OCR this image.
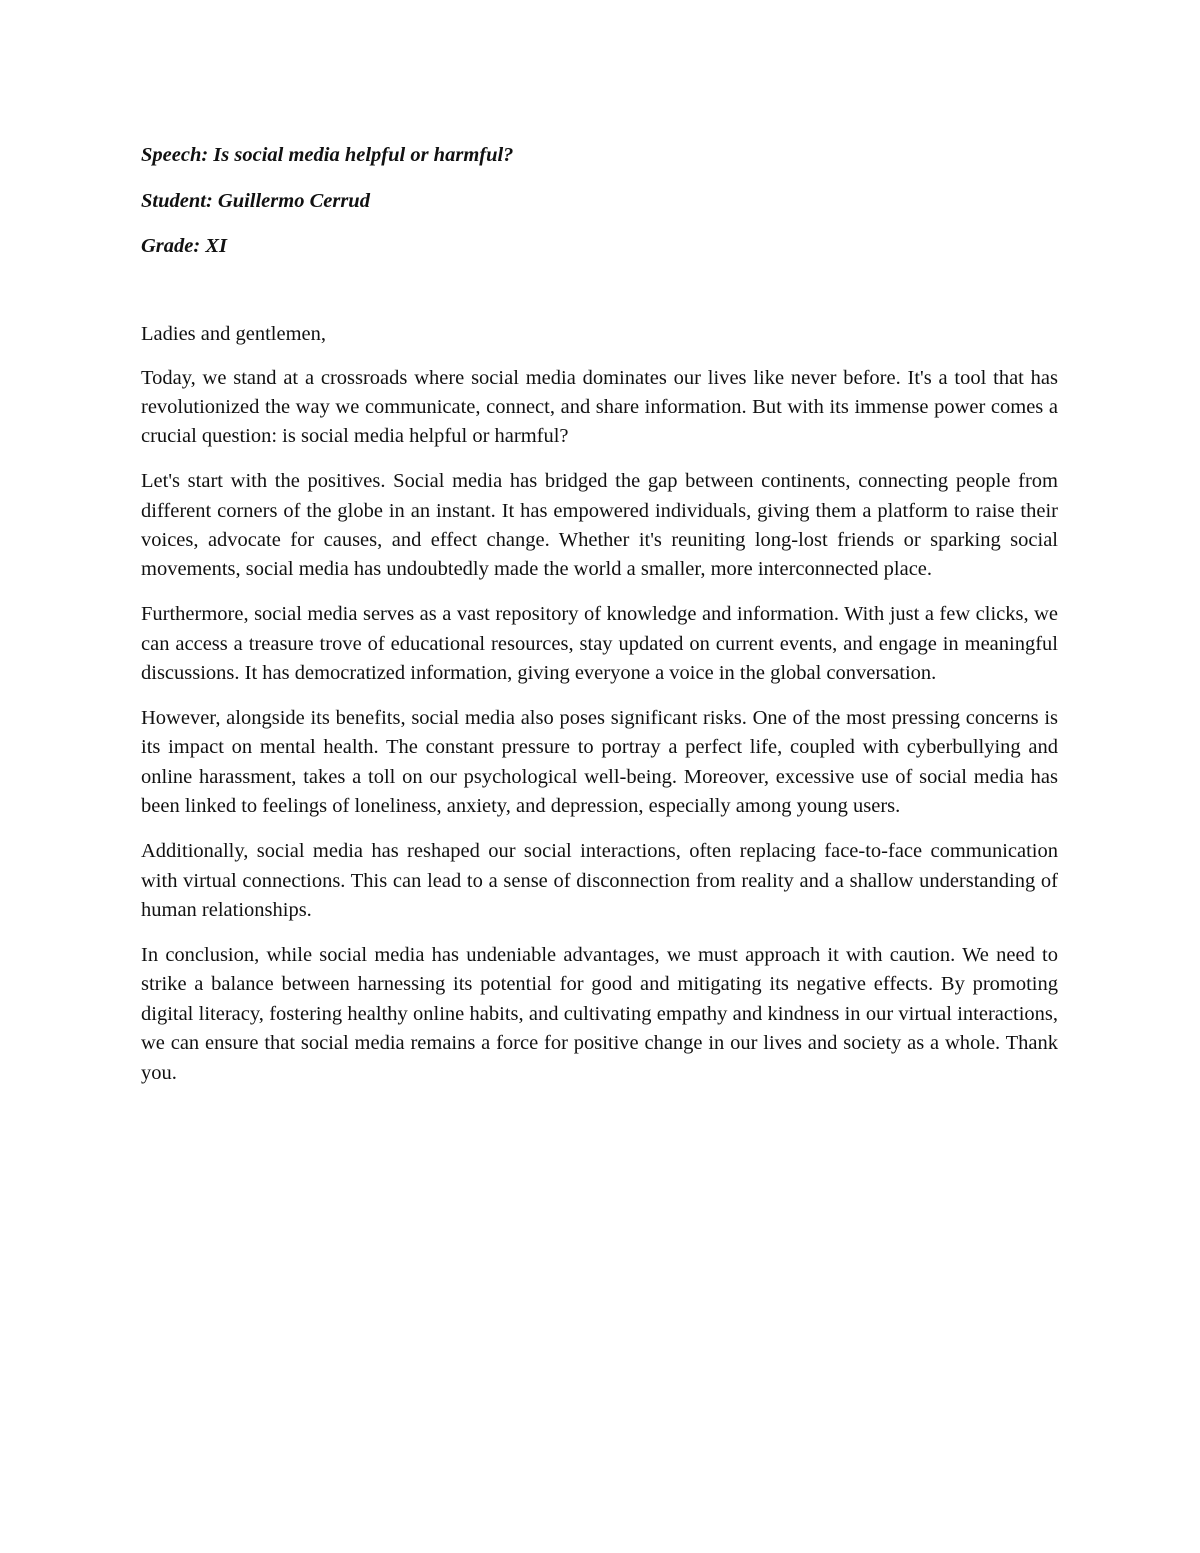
Speech: Is social media helpful or harmful?

Student: Guillermo Cerrud

Grade: XI

Ladies and gentlemen,

Today, we stand at a crossroads where social media dominates our lives like never before. It's a tool that has revolutionized the way we communicate, connect, and share information. But with its immense power comes a crucial question: is social media helpful or harmful?

Let's start with the positives. Social media has bridged the gap between continents, connecting people from different corners of the globe in an instant. It has empowered individuals, giving them a platform to raise their voices, advocate for causes, and effect change. Whether it's reuniting long-lost friends or sparking social movements, social media has undoubtedly made the world a smaller, more interconnected place.

Furthermore, social media serves as a vast repository of knowledge and information. With just a few clicks, we can access a treasure trove of educational resources, stay updated on current events, and engage in meaningful discussions. It has democratized information, giving everyone a voice in the global conversation.

However, alongside its benefits, social media also poses significant risks. One of the most pressing concerns is its impact on mental health. The constant pressure to portray a perfect life, coupled with cyberbullying and online harassment, takes a toll on our psychological well-being. Moreover, excessive use of social media has been linked to feelings of loneliness, anxiety, and depression, especially among young users.

Additionally, social media has reshaped our social interactions, often replacing face-to-face communication with virtual connections. This can lead to a sense of disconnection from reality and a shallow understanding of human relationships.

In conclusion, while social media has undeniable advantages, we must approach it with caution. We need to strike a balance between harnessing its potential for good and mitigating its negative effects. By promoting digital literacy, fostering healthy online habits, and cultivating empathy and kindness in our virtual interactions, we can ensure that social media remains a force for positive change in our lives and society as a whole. Thank you.
